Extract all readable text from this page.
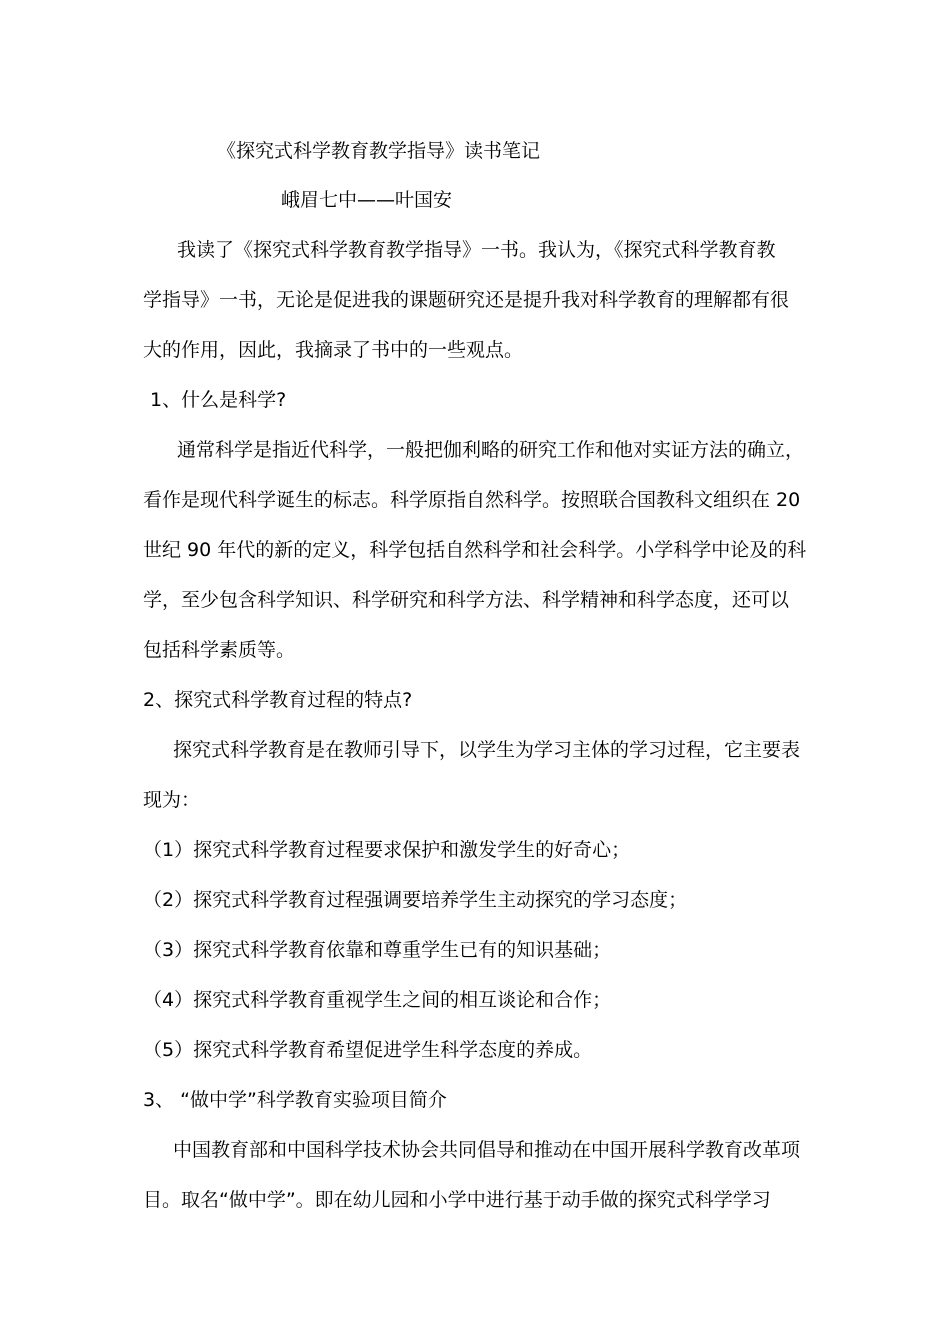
《探究式科学教育教学指导》读书笔记
峨眉七中——叶国安
我读了《探究式科学教育教学指导》一书。我认为，《探究式科学教育教
学指导》一书，无论是促进我的课题研究还是提升我对科学教育的理解都有很
大的作用，因此，我摘录了书中的一些观点。
1、什么是科学?
通常科学是指近代科学，一般把伽利略的研究工作和他对实证方法的确立，
看作是现代科学诞生的标志。科学原指自然科学。按照联合国教科文组织在 20
世纪 90 年代的新的定义，科学包括自然科学和社会科学。小学科学中论及的科
学，至少包含科学知识、科学研究和科学方法、科学精神和科学态度，还可以
包括科学素质等。
2、探究式科学教育过程的特点?
探究式科学教育是在教师引导下，以学生为学习主体的学习过程，它主要表
现为：
（1）探究式科学教育过程要求保护和激发学生的好奇心；
（2）探究式科学教育过程强调要培养学生主动探究的学习态度；
（3）探究式科学教育依靠和尊重学生已有的知识基础；
（4）探究式科学教育重视学生之间的相互谈论和合作；
（5）探究式科学教育希望促进学生科学态度的养成。
3、 “做中学”科学教育实验项目简介
中国教育部和中国科学技术协会共同倡导和推动在中国开展科学教育改革项
目。取名“做中学”。即在幼儿园和小学中进行基于动手做的探究式科学学习
